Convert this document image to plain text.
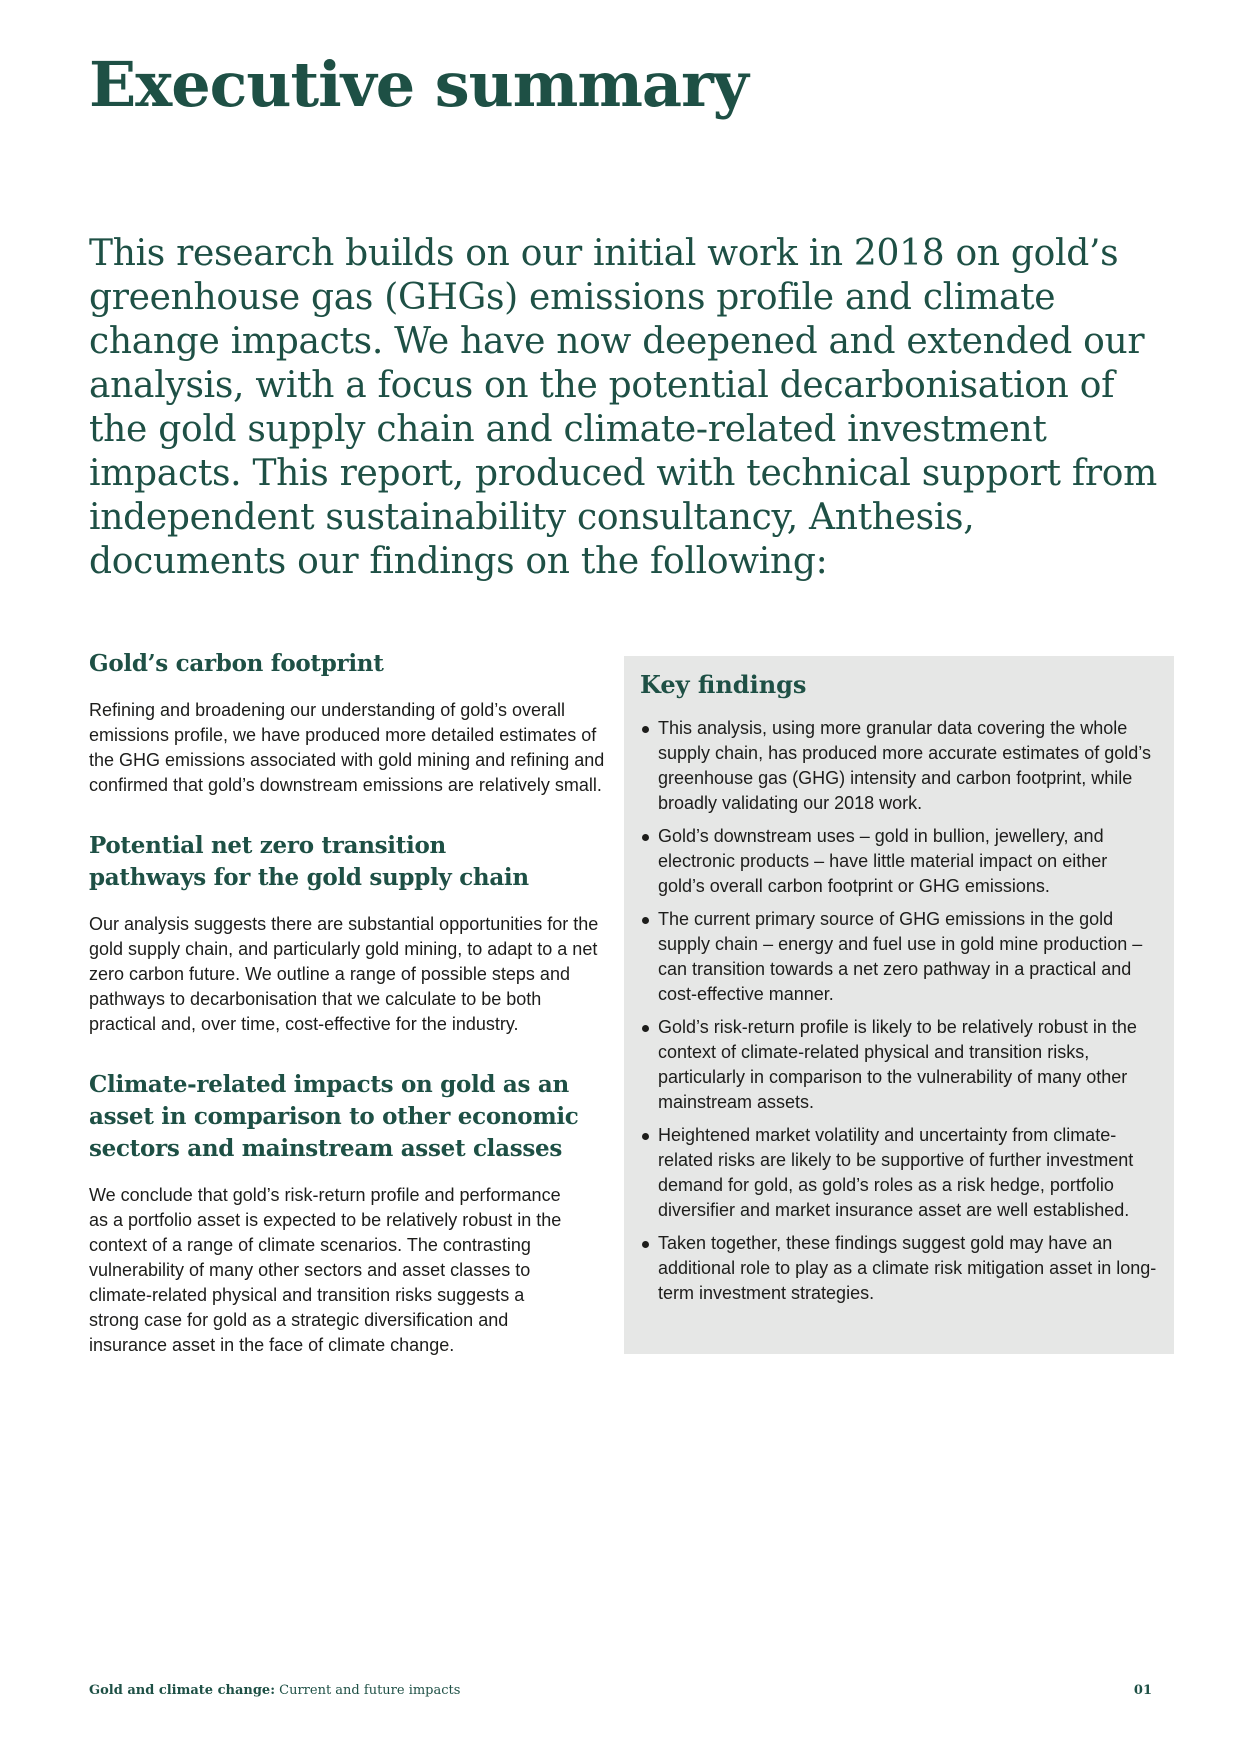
Executive summary

This research builds on our initial work in 2018 on gold’s greenhouse gas (GHGs) emissions profile and climate change impacts. We have now deepened and extended our analysis, with a focus on the potential decarbonisation of the gold supply chain and climate-related investment impacts. This report, produced with technical support from independent sustainability consultancy, Anthesis, documents our findings on the following:

Gold’s carbon footprint

Refining and broadening our understanding of gold’s overall emissions profile, we have produced more detailed estimates of the GHG emissions associated with gold mining and refining and confirmed that gold’s downstream emissions are relatively small.

Potential net zero transition pathways for the gold supply chain

Our analysis suggests there are substantial opportunities for the gold supply chain, and particularly gold mining, to adapt to a net zero carbon future. We outline a range of possible steps and pathways to decarbonisation that we calculate to be both practical and, over time, cost-effective for the industry.

Climate-related impacts on gold as an asset in comparison to other economic sectors and mainstream asset classes

We conclude that gold’s risk-return profile and performance as a portfolio asset is expected to be relatively robust in the context of a range of climate scenarios. The contrasting vulnerability of many other sectors and asset classes to climate-related physical and transition risks suggests a strong case for gold as a strategic diversification and insurance asset in the face of climate change.

Key findings
This analysis, using more granular data covering the whole supply chain, has produced more accurate estimates of gold’s greenhouse gas (GHG) intensity and carbon footprint, while broadly validating our 2018 work.
Gold’s downstream uses – gold in bullion, jewellery, and electronic products – have little material impact on either gold’s overall carbon footprint or GHG emissions.
The current primary source of GHG emissions in the gold supply chain – energy and fuel use in gold mine production – can transition towards a net zero pathway in a practical and cost-effective manner.
Gold’s risk-return profile is likely to be relatively robust in the context of climate-related physical and transition risks, particularly in comparison to the vulnerability of many other mainstream assets.
Heightened market volatility and uncertainty from climate-related risks are likely to be supportive of further investment demand for gold, as gold’s roles as a risk hedge, portfolio diversifier and market insurance asset are well established.
Taken together, these findings suggest gold may have an additional role to play as a climate risk mitigation asset in long-term investment strategies.
Gold and climate change: Current and future impacts	01
